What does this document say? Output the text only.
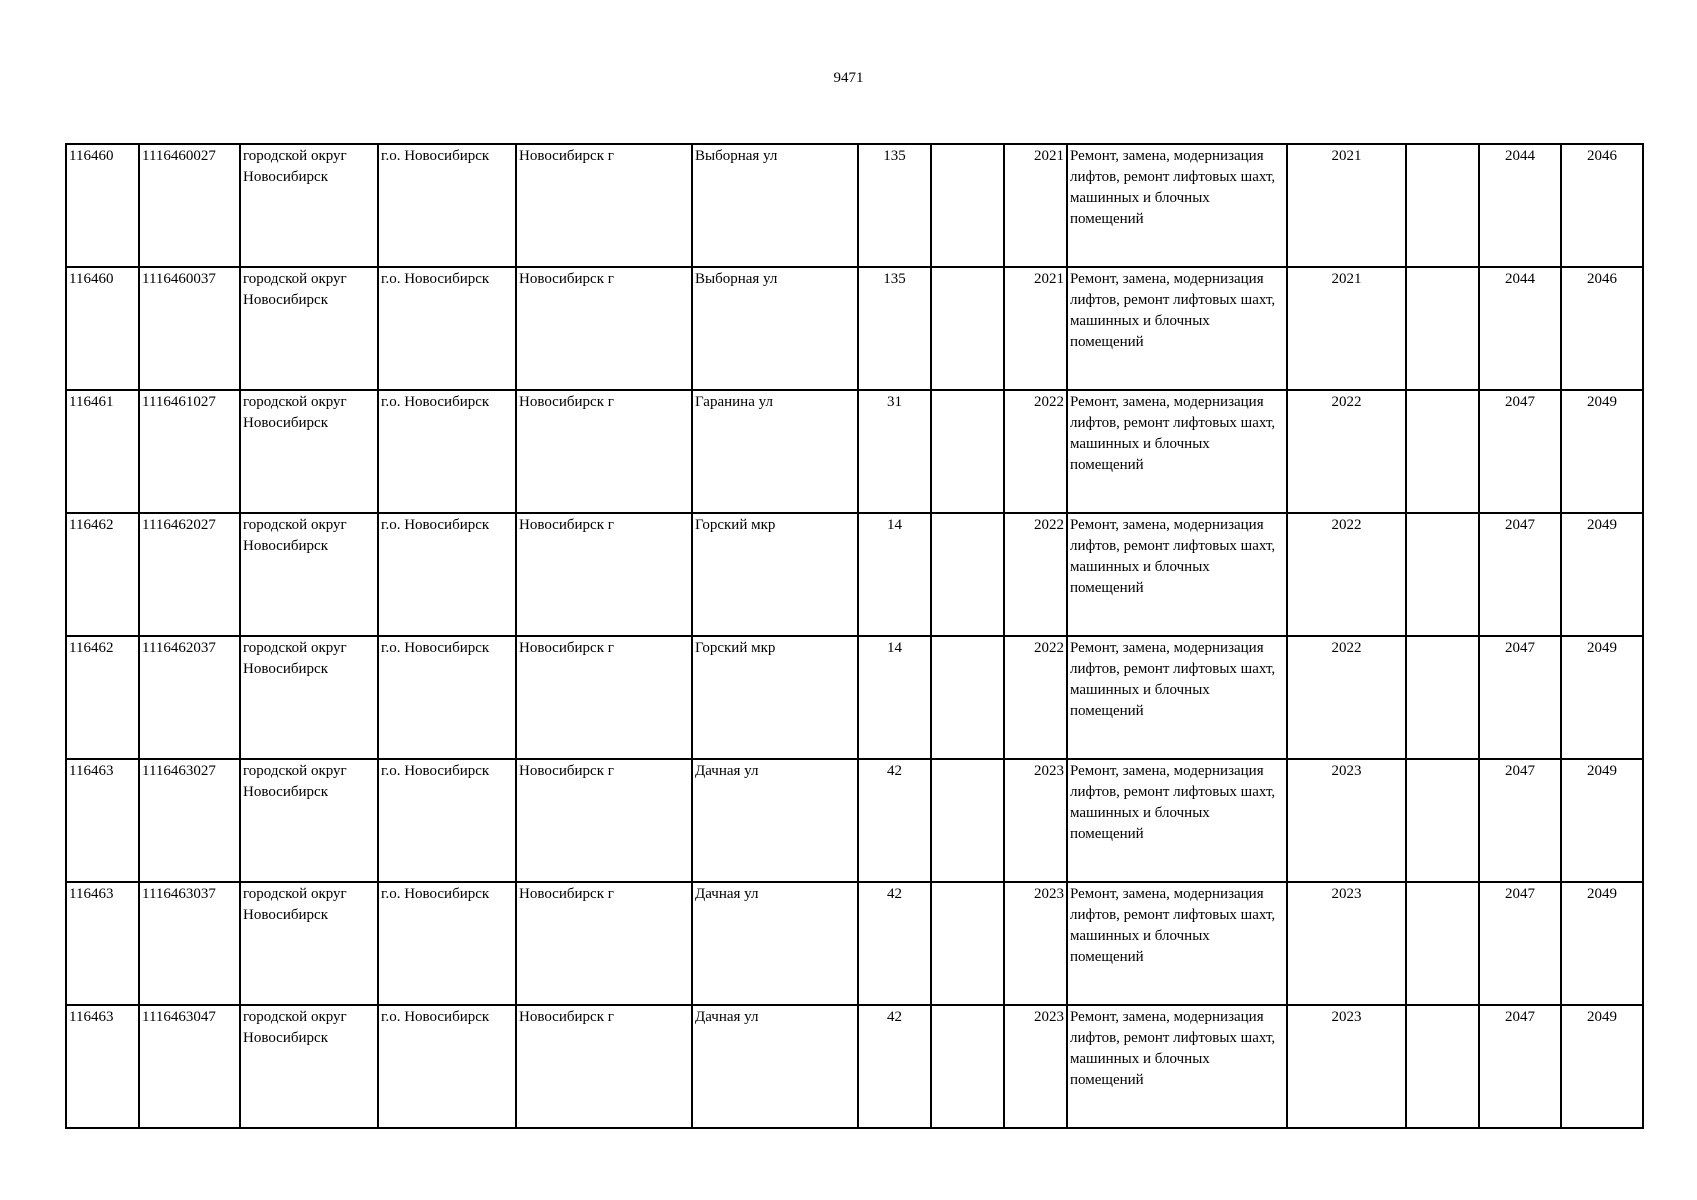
9471
116460	1116460027	городской округ Новосибирск	г.о. Новосибирск	Новосибирск г	Выборная ул	135		2021	Ремонт, замена, модернизация лифтов, ремонт лифтовых шахт, машинных и блочных помещений	2021		2044	2046
116460	1116460037	городской округ Новосибирск	г.о. Новосибирск	Новосибирск г	Выборная ул	135		2021	Ремонт, замена, модернизация лифтов, ремонт лифтовых шахт, машинных и блочных помещений	2021		2044	2046
116461	1116461027	городской округ Новосибирск	г.о. Новосибирск	Новосибирск г	Гаранина ул	31		2022	Ремонт, замена, модернизация лифтов, ремонт лифтовых шахт, машинных и блочных помещений	2022		2047	2049
116462	1116462027	городской округ Новосибирск	г.о. Новосибирск	Новосибирск г	Горский мкр	14		2022	Ремонт, замена, модернизация лифтов, ремонт лифтовых шахт, машинных и блочных помещений	2022		2047	2049
116462	1116462037	городской округ Новосибирск	г.о. Новосибирск	Новосибирск г	Горский мкр	14		2022	Ремонт, замена, модернизация лифтов, ремонт лифтовых шахт, машинных и блочных помещений	2022		2047	2049
116463	1116463027	городской округ Новосибирск	г.о. Новосибирск	Новосибирск г	Дачная ул	42		2023	Ремонт, замена, модернизация лифтов, ремонт лифтовых шахт, машинных и блочных помещений	2023		2047	2049
116463	1116463037	городской округ Новосибирск	г.о. Новосибирск	Новосибирск г	Дачная ул	42		2023	Ремонт, замена, модернизация лифтов, ремонт лифтовых шахт, машинных и блочных помещений	2023		2047	2049
116463	1116463047	городской округ Новосибирск	г.о. Новосибирск	Новосибирск г	Дачная ул	42		2023	Ремонт, замена, модернизация лифтов, ремонт лифтовых шахт, машинных и блочных помещений	2023		2047	2049
